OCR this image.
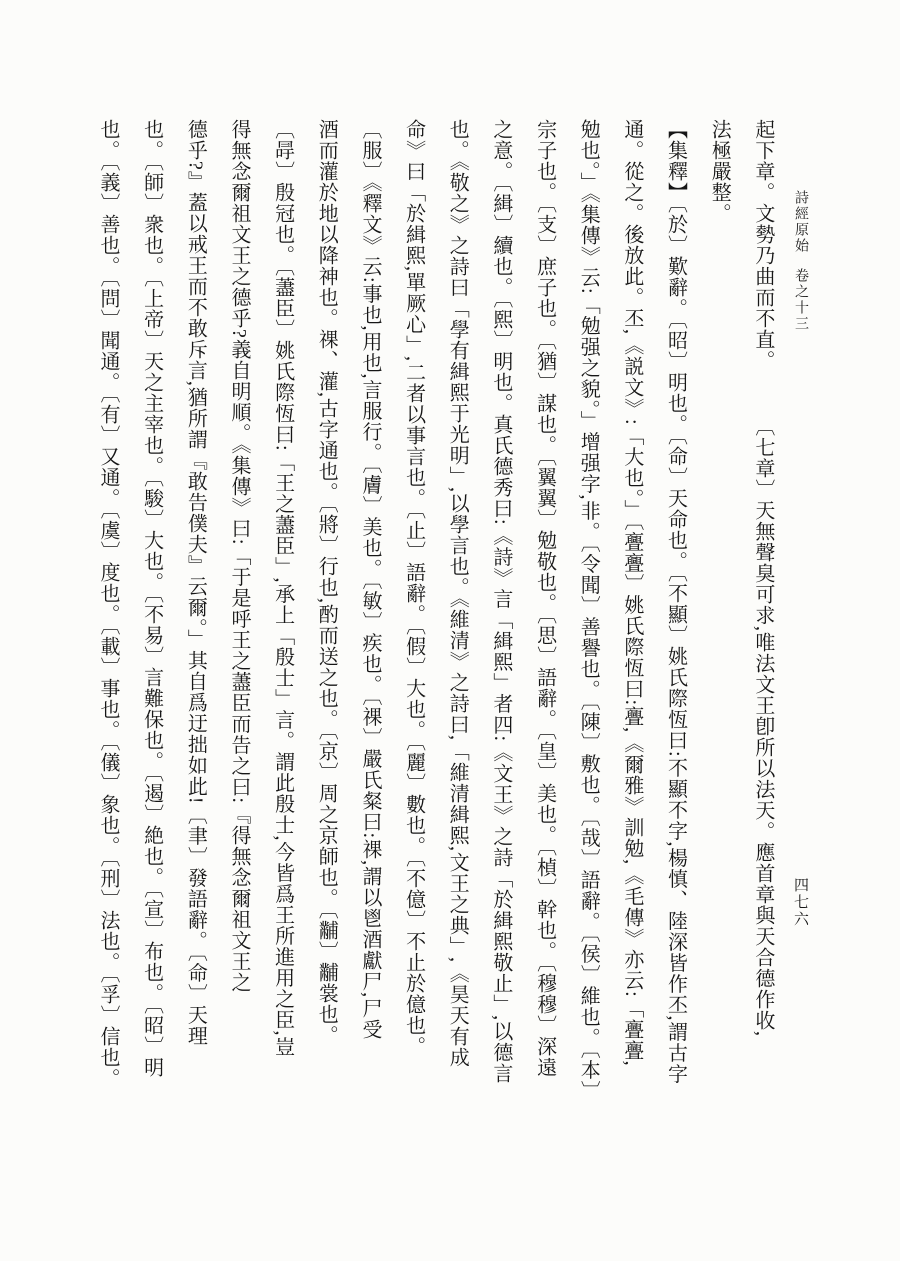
詩經原始卷之十三
四七六
起下章。文勢乃曲而不直。〔七章〕天無聲臭可求,唯法文王卽所以法天。應首章與天合德作收,
法極嚴整。
【集釋】〔於〕歎辭。〔昭〕明也。〔命〕天命也。〔不顯〕姚氏際恆曰:不顯不字,楊慎、陸深皆作丕,謂古字
通。從之。後放此。丕,《説文》:「大也。」〔亹亹〕姚氏際恆曰:亹,《爾雅》訓勉,《毛傳》亦云:「亹亹,
勉也。」《集傳》云:「勉强之貌。」增强字,非。〔令聞〕善譽也。〔陳〕敷也。〔哉〕語辭。〔侯〕維也。〔本〕
宗子也。〔支〕庶子也。〔猶〕謀也。〔翼翼〕勉敬也。〔思〕語辭。〔皇〕美也。〔楨〕幹也。〔穆穆〕深遠
之意。〔緝〕續也。〔熙〕明也。真氏德秀曰:《詩》言「緝熙」者四:《文王》之詩「於緝熙敬止」,以德言
也。《敬之》之詩曰「學有緝熙于光明」,以學言也。《維清》之詩曰,「維清緝熙,文王之典」,《昊天有成
命》曰「於緝熙,單厥心」,二者以事言也。〔止〕語辭。〔假〕大也。〔麗〕數也。〔不億〕不止於億也。
〔服〕《釋文》云:事也,用也,言服行。〔膚〕美也。〔敏〕疾也。〔祼〕嚴氏粲曰:祼,謂以鬯酒獻尸,尸受
酒而灌於地以降神也。祼、灌,古字通也。〔將〕行也,酌而送之也。〔京〕周之京師也。〔黼〕黼裳也。
〔冔〕殷冠也。〔藎臣〕姚氏際恆曰:「王之藎臣」,承上「殷士」言。謂此殷士,今皆爲王所進用之臣,豈
得無念爾祖文王之德乎?義自明順。《集傳》曰:「于是呼王之藎臣而告之曰:『得無念爾祖文王之
德乎?』蓋以戒王而不敢斥言,猶所謂『敢告僕夫』云爾。」其自爲迂拙如此!〔聿〕發語辭。〔命〕天理
也。〔師〕衆也。〔上帝〕天之主宰也。〔駿〕大也。〔不易〕言難保也。〔遏〕絶也。〔宣〕布也。〔昭〕明
也。〔義〕善也。〔問〕聞通。〔有〕又通。〔虞〕度也。〔載〕事也。〔儀〕象也。〔刑〕法也。〔孚〕信也。
